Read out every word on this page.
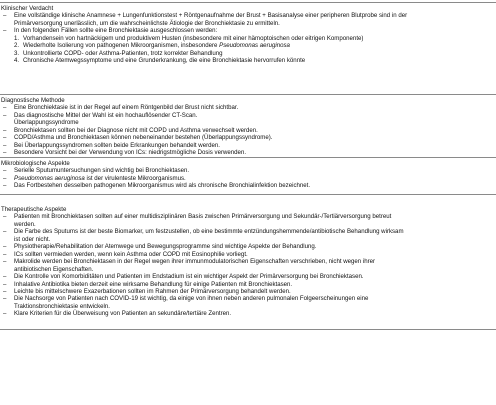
Klinischer Verdacht
– Eine vollständige klinische Anamnese + Lungenfunktionstest + Röntgenaufnahme der Brust + Basisanalyse einer peripheren Blutprobe sind in der
Primärversorgung unerlässlich, um die wahrscheinlichste Ätiologie der Bronchiektasie zu ermitteln.
– In den folgenden Fällen sollte eine Bronchiektasie ausgeschlossen werden:
1. Vorhandensein von hartnäckigem und produktivem Husten (insbesondere mit einer hämoptoischen oder eitrigen Komponente)
2. Wiederholte Isolierung von pathogenen Mikroorganismen, insbesondere Pseudomonas aeruginosa
3. Unkontrollierte COPD- oder Asthma-Patienten, trotz korrekter Behandlung
4. Chronische Atemwegssymptome und eine Grunderkrankung, die eine Bronchiektasie hervorrufen könnte
Diagnostische Methode
– Eine Bronchiektasie ist in der Regel auf einem Röntgenbild der Brust nicht sichtbar.
– Das diagnostische Mittel der Wahl ist ein hochauflösender CT-Scan.
Überlappungssyndrome
– Bronchiektasen sollten bei der Diagnose nicht mit COPD und Asthma verwechselt werden.
– COPD/Asthma und Bronchiektasen können nebeneinander bestehen (Überlappungssyndrome).
– Bei Überlappungssyndromen sollten beide Erkrankungen behandelt werden.
– Besondere Vorsicht bei der Verwendung von ICs: niedrigstmögliche Dosis verwenden.
Mikrobiologische Aspekte
– Serielle Sputumuntersuchungen sind wichtig bei Bronchiektasen.
– Pseudomonas aeruginosa ist der virulenteste Mikroorganismus.
– Das Fortbestehen desselben pathogenen Mikroorganismus wird als chronische Bronchialinfektion bezeichnet.
Therapeutische Aspekte
– Patienten mit Bronchiektasen sollten auf einer multidisziplinären Basis zwischen Primärversorgung und Sekundär-/Tertiärversorgung betreut
werden.
– Die Farbe des Sputums ist der beste Biomarker, um festzustellen, ob eine bestimmte entzündungshemmende/antibiotische Behandlung wirksam
ist oder nicht.
– Physiotherapie/Rehabilitation der Atemwege und Bewegungsprogramme sind wichtige Aspekte der Behandlung.
– ICs sollten vermieden werden, wenn kein Asthma oder COPD mit Eosinophilie vorliegt.
– Makrolide werden bei Bronchiektasen in der Regel wegen ihrer immunmodulatorischen Eigenschaften verschrieben, nicht wegen ihrer
antibiotischen Eigenschaften.
– Die Kontrolle von Komorbiditäten und Patienten im Endstadium ist ein wichtiger Aspekt der Primärversorgung bei Bronchiektasen.
– Inhalative Antibiotika bieten derzeit eine wirksame Behandlung für einige Patienten mit Bronchiektasen.
– Leichte bis mittelschwere Exazerbationen sollten im Rahmen der Primärversorgung behandelt werden.
– Die Nachsorge von Patienten nach COVID-19 ist wichtig, da einige von ihnen neben anderen pulmonalen Folgeerscheinungen eine
Traktionsbronchiektasie entwickeln.
– Klare Kriterien für die Überweisung von Patienten an sekundäre/tertiäre Zentren.
